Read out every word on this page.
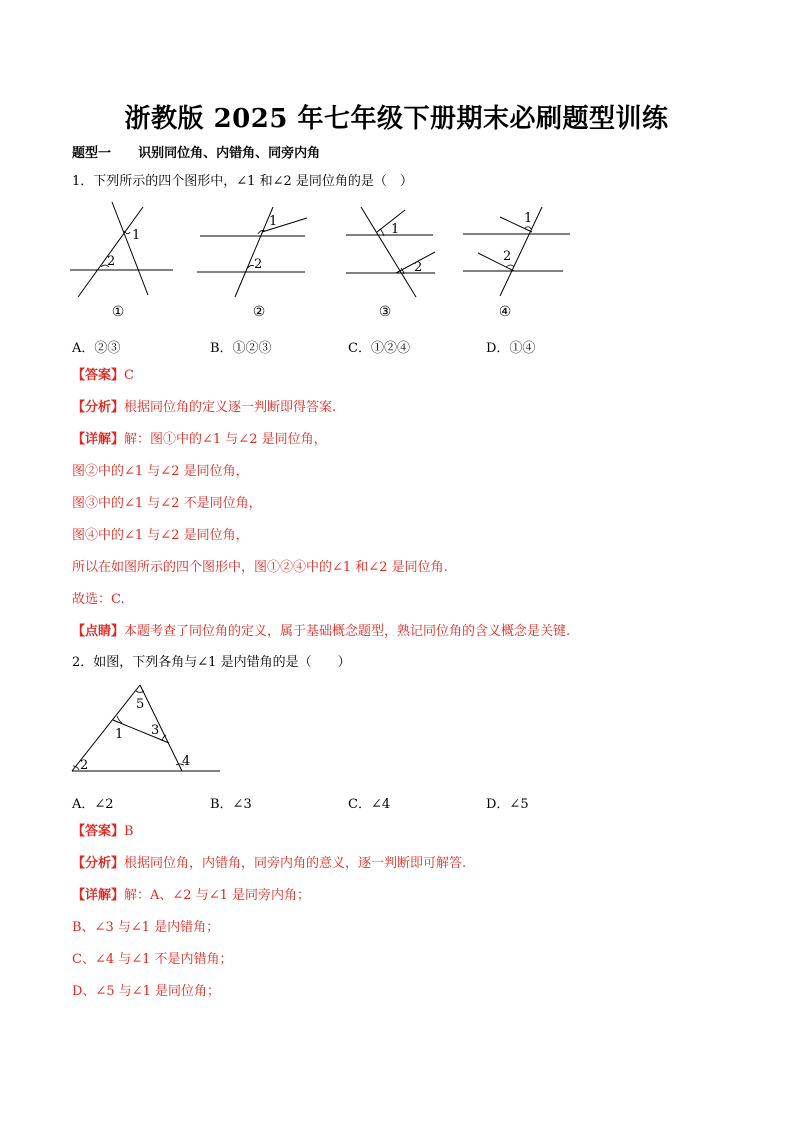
浙教版 2025 年七年级下册期末必刷题型训练
题型一 识别同位角、内错角、同旁内角
1．下列所示的四个图形中，∠1 和∠2 是同位角的是（　）
1
2
①
1
2
②
1
2
③
1
2
④
A．②③	B．①②③	C．①②④	D．①④
【答案】C
【分析】根据同位角的定义逐一判断即得答案.
【详解】解：图①中的∠1 与∠2 是同位角，
图②中的∠1 与∠2 是同位角，
图③中的∠1 与∠2 不是同位角，
图④中的∠1 与∠2 是同位角，
所以在如图所示的四个图形中，图①②④中的∠1 和∠2 是同位角.
故选：C.
【点睛】本题考查了同位角的定义，属于基础概念题型，熟记同位角的含义概念是关键.
2．如图，下列各角与∠1 是内错角的是（　　）
5
1 3
4
2
A．∠2	B．∠3	C．∠4	D．∠5
【答案】B
【分析】根据同位角，内错角，同旁内角的意义，逐一判断即可解答.
【详解】解：A、∠2 与∠1 是同旁内角；
B、∠3 与∠1 是内错角；
C、∠4 与∠1 不是内错角；
D、∠5 与∠1 是同位角；
